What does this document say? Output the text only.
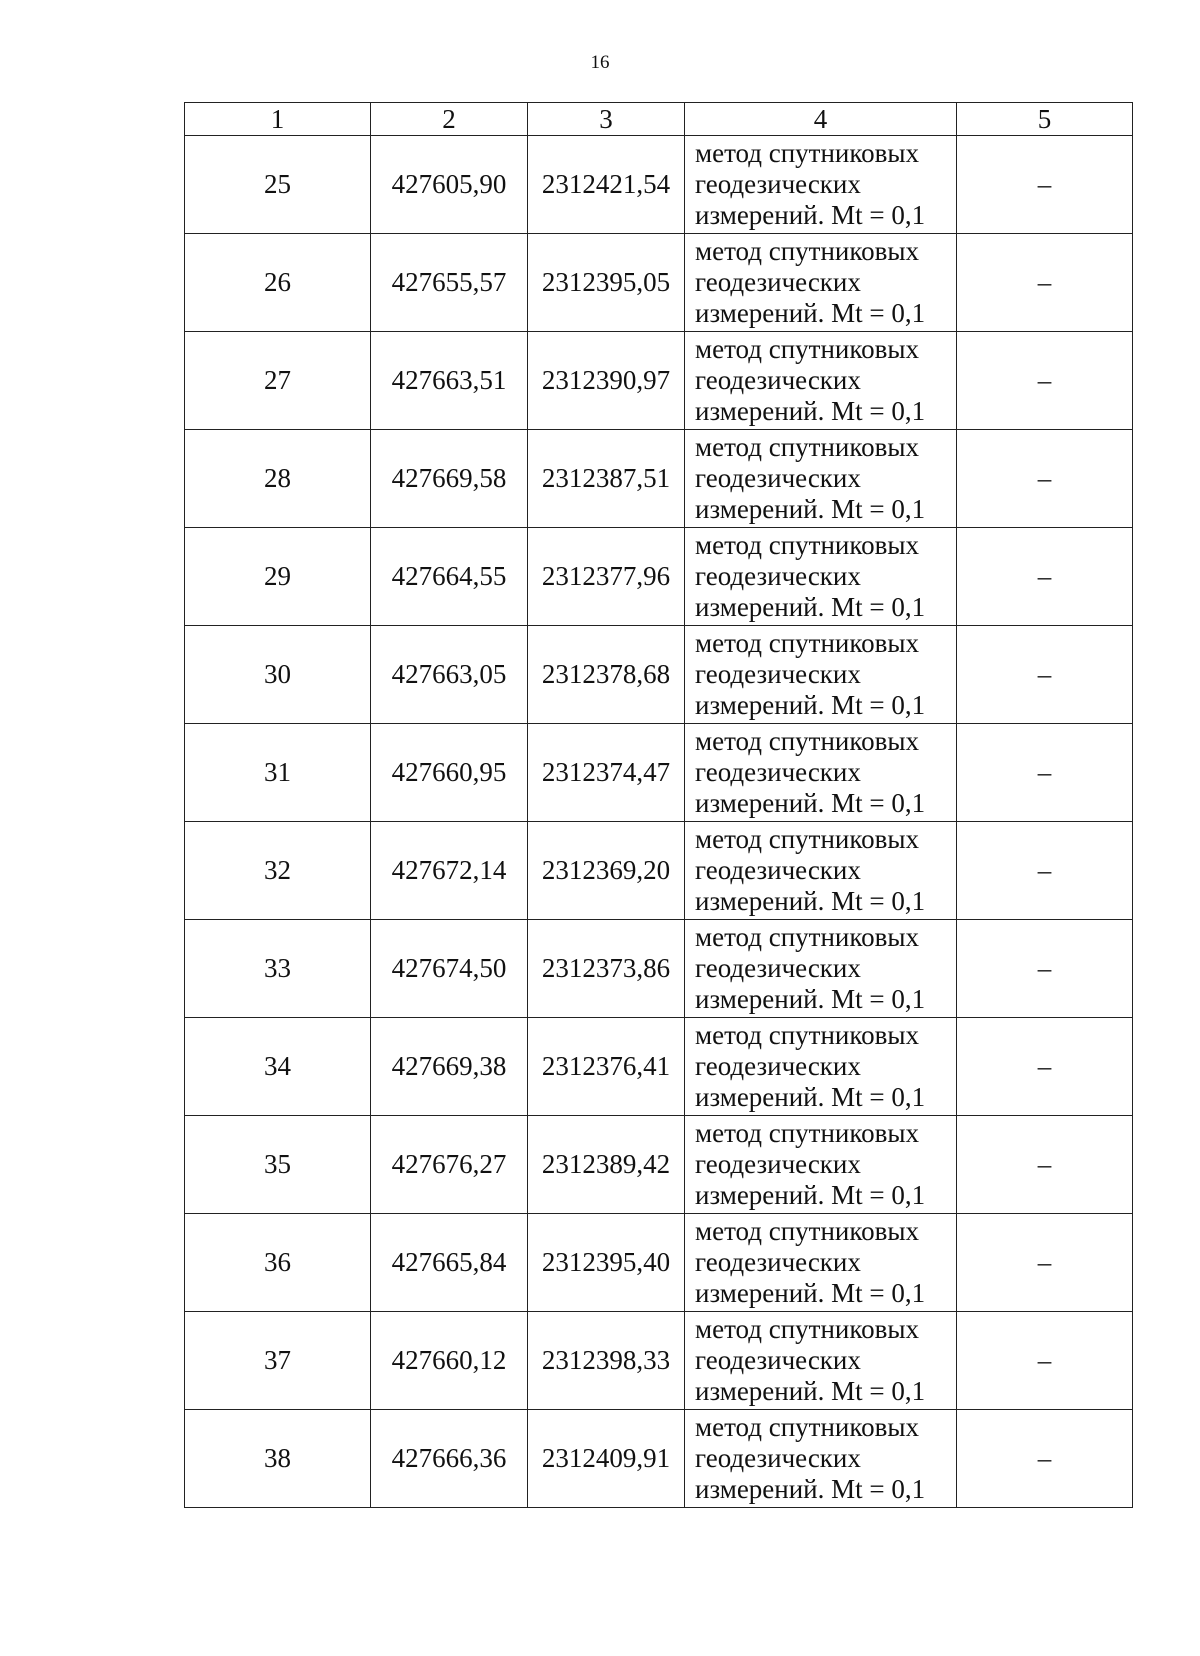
16
1	2	3	4	5
25	427605,90	2312421,54	метод спутниковых
геодезических
измерений. Mt = 0,1	–
26	427655,57	2312395,05	метод спутниковых
геодезических
измерений. Mt = 0,1	–
27	427663,51	2312390,97	метод спутниковых
геодезических
измерений. Mt = 0,1	–
28	427669,58	2312387,51	метод спутниковых
геодезических
измерений. Mt = 0,1	–
29	427664,55	2312377,96	метод спутниковых
геодезических
измерений. Mt = 0,1	–
30	427663,05	2312378,68	метод спутниковых
геодезических
измерений. Mt = 0,1	–
31	427660,95	2312374,47	метод спутниковых
геодезических
измерений. Mt = 0,1	–
32	427672,14	2312369,20	метод спутниковых
геодезических
измерений. Mt = 0,1	–
33	427674,50	2312373,86	метод спутниковых
геодезических
измерений. Mt = 0,1	–
34	427669,38	2312376,41	метод спутниковых
геодезических
измерений. Mt = 0,1	–
35	427676,27	2312389,42	метод спутниковых
геодезических
измерений. Mt = 0,1	–
36	427665,84	2312395,40	метод спутниковых
геодезических
измерений. Mt = 0,1	–
37	427660,12	2312398,33	метод спутниковых
геодезических
измерений. Mt = 0,1	–
38	427666,36	2312409,91	метод спутниковых
геодезических
измерений. Mt = 0,1	–
